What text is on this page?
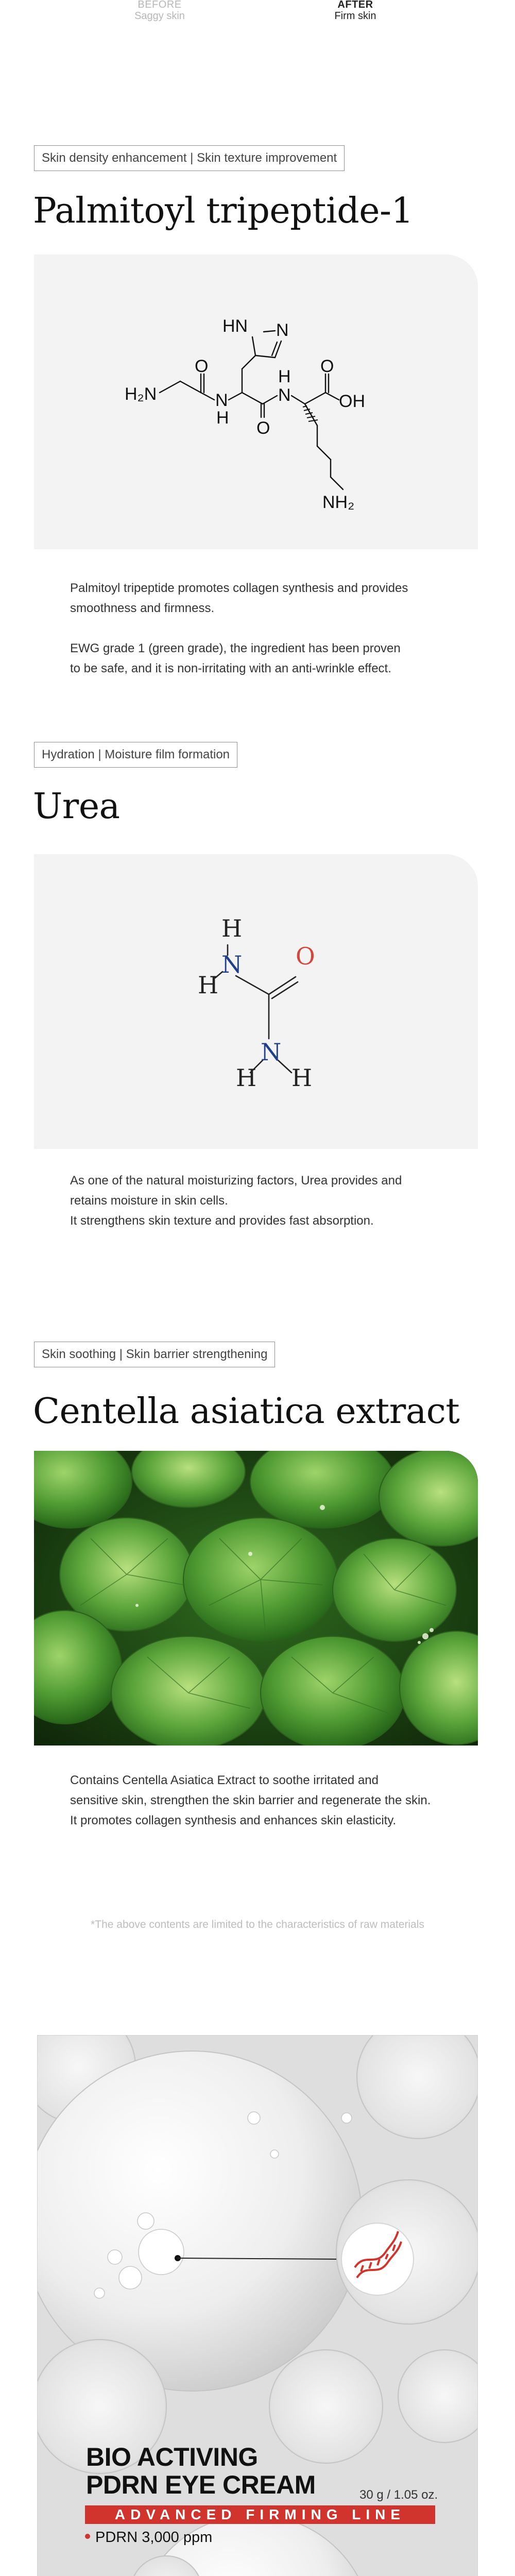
BEFORE
Saggy skin
AFTER
Firm skin
Skin density enhancement | Skin texture improvement
Palmitoyl tripeptide-1
HN N
O	O
OH
H₂N	N
H
O
H
N
NH₂

Palmitoyl tripeptide promotes collagen synthesis and provides

smoothness and firmness.

EWG grade 1 (green grade), the ingredient has been proven

to be safe, and it is non-irritating with an anti-wrinkle effect.

Hydration | Moisture film formation
Urea
H
N
H
O
N
H H

As one of the natural moisturizing factors, Urea provides and

retains moisture in skin cells.

It strengthens skin texture and provides fast absorption.

Skin soothing | Skin barrier strengthening
Centella asiatica extract

Contains Centella Asiatica Extract to soothe irritated and

sensitive skin, strengthen the skin barrier and regenerate the skin.

It promotes collagen synthesis and enhances skin elasticity.

*The above contents are limited to the characteristics of raw materials
BIO ACTIVING
PDRN EYE CREAM	30 g / 1.05 oz.
ADVANCED FIRMING LINE
PDRN 3,000 ppm
